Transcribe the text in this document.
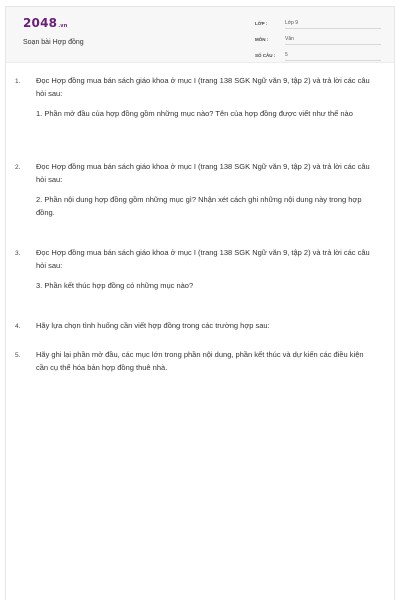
2048.vn
Soạn bài Hợp đồng
LỚP :	Lớp 9
MÔN :	Văn
SỐ CÂU : 5
1. Đọc Hợp đồng mua bán sách giáo khoa ở mục I (trang 138 SGK Ngữ văn 9, tập 2) và trả lời các câu hỏi sau:

1. Phần mở đầu của hợp đồng gồm những mục nào? Tên của hợp đồng được viết như thế nào

2. Đọc Hợp đồng mua bán sách giáo khoa ở mục I (trang 138 SGK Ngữ văn 9, tập 2) và trả lời các câu hỏi sau:

2. Phần nội dung hợp đồng gồm những mục gì? Nhận xét cách ghi những nội dung này trong hợp đồng.

3. Đọc Hợp đồng mua bán sách giáo khoa ở mục I (trang 138 SGK Ngữ văn 9, tập 2) và trả lời các câu hỏi sau:

3. Phần kết thúc hợp đồng có những mục nào?

4. Hãy lựa chọn tình huống cần viết hợp đồng trong các trường hợp sau:

5. Hãy ghi lại phần mở đầu, các mục lớn trong phần nội dung, phần kết thúc và dự kiến các điều kiện cần cụ thể hóa bản hợp đồng thuê nhà.
